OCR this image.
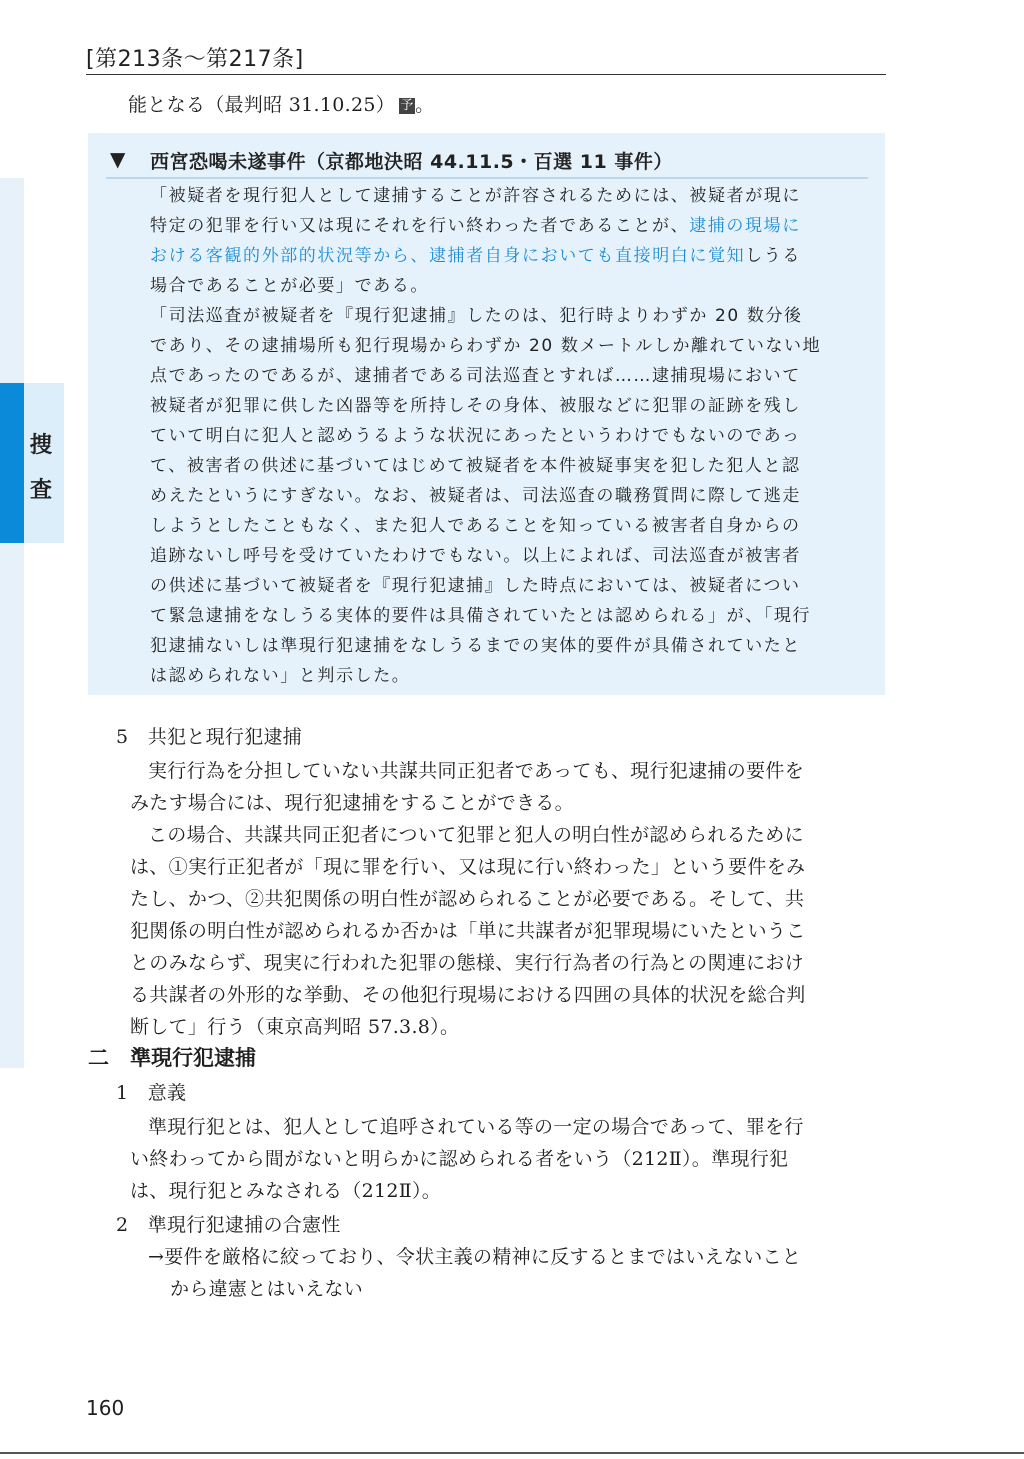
捜
査
[第213条〜第217条]
能となる（最判昭 31.10.25） 予。
▼ 西宮恐喝未遂事件（京都地決昭 44.11.5・百選 11 事件）
「被疑者を現行犯人として逮捕することが許容されるためには、被疑者が現に
特定の犯罪を行い又は現にそれを行い終わった者であることが、逮捕の現場に
おける客観的外部的状況等から、逮捕者自身においても直接明白に覚知しうる
場合であることが必要」である。
「司法巡査が被疑者を『現行犯逮捕』したのは、犯行時よりわずか 20 数分後
であり、その逮捕場所も犯行現場からわずか 20 数メートルしか離れていない地
点であったのであるが、逮捕者である司法巡査とすれば……逮捕現場において
被疑者が犯罪に供した凶器等を所持しその身体、被服などに犯罪の証跡を残し
ていて明白に犯人と認めうるような状況にあったというわけでもないのであっ
て、被害者の供述に基づいてはじめて被疑者を本件被疑事実を犯した犯人と認
めえたというにすぎない。なお、被疑者は、司法巡査の職務質問に際して逃走
しようとしたこともなく、また犯人であることを知っている被害者自身からの
追跡ないし呼号を受けていたわけでもない。以上によれば、司法巡査が被害者
の供述に基づいて被疑者を『現行犯逮捕』した時点においては、被疑者につい
て緊急逮捕をなしうる実体的要件は具備されていたとは認められる」が、「現行
犯逮捕ないしは準現行犯逮捕をなしうるまでの実体的要件が具備されていたと
は認められない」と判示した。
5　共犯と現行犯逮捕
実行行為を分担していない共謀共同正犯者であっても、現行犯逮捕の要件を
みたす場合には、現行犯逮捕をすることができる。
この場合、共謀共同正犯者について犯罪と犯人の明白性が認められるために
は、①実行正犯者が「現に罪を行い、又は現に行い終わった」という要件をみ
たし、かつ、②共犯関係の明白性が認められることが必要である。そして、共
犯関係の明白性が認められるか否かは「単に共謀者が犯罪現場にいたというこ
とのみならず、現実に行われた犯罪の態様、実行行為者の行為との関連におけ
る共謀者の外形的な挙動、その他犯行現場における四囲の具体的状況を総合判
断して」行う（東京高判昭 57.3.8）。
二　準現行犯逮捕
1　意義
準現行犯とは、犯人として追呼されている等の一定の場合であって、罪を行
い終わってから間がないと明らかに認められる者をいう（212Ⅱ）。準現行犯
は、現行犯とみなされる（212Ⅱ）。
2　準現行犯逮捕の合憲性
→要件を厳格に絞っており、令状主義の精神に反するとまではいえないこと
から違憲とはいえない
160
